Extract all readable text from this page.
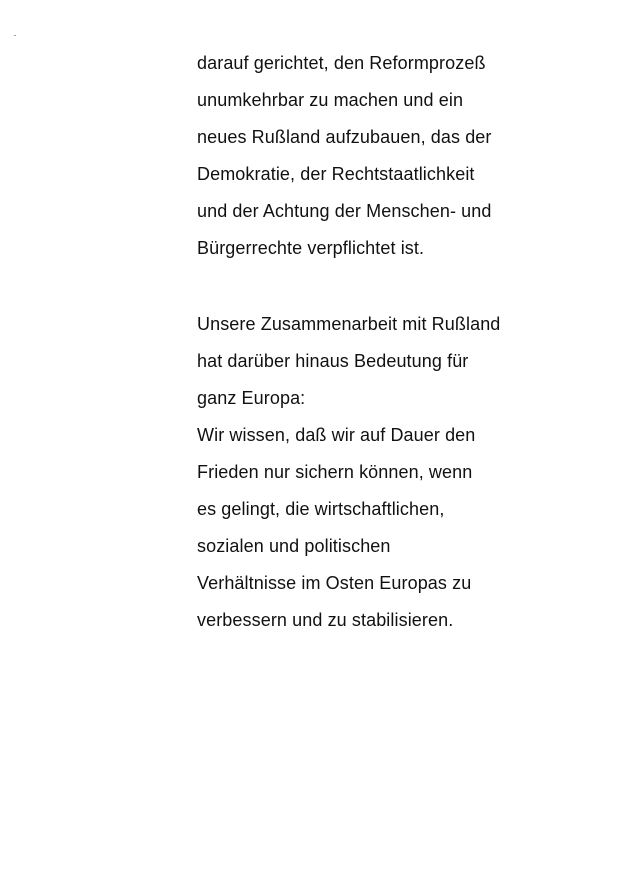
darauf gerichtet, den Reformprozeß
unumkehrbar zu machen und ein
neues Rußland aufzubauen, das der
Demokratie, der Rechtstaatlichkeit
und der Achtung der Menschen- und
Bürgerrechte verpflichtet ist.
Unsere Zusammenarbeit mit Rußland
hat darüber hinaus Bedeutung für
ganz Europa:
Wir wissen, daß wir auf Dauer den
Frieden nur sichern können, wenn
es gelingt, die wirtschaftlichen,
sozialen und politischen
Verhältnisse im Osten Europas zu
verbessern und zu stabilisieren.
